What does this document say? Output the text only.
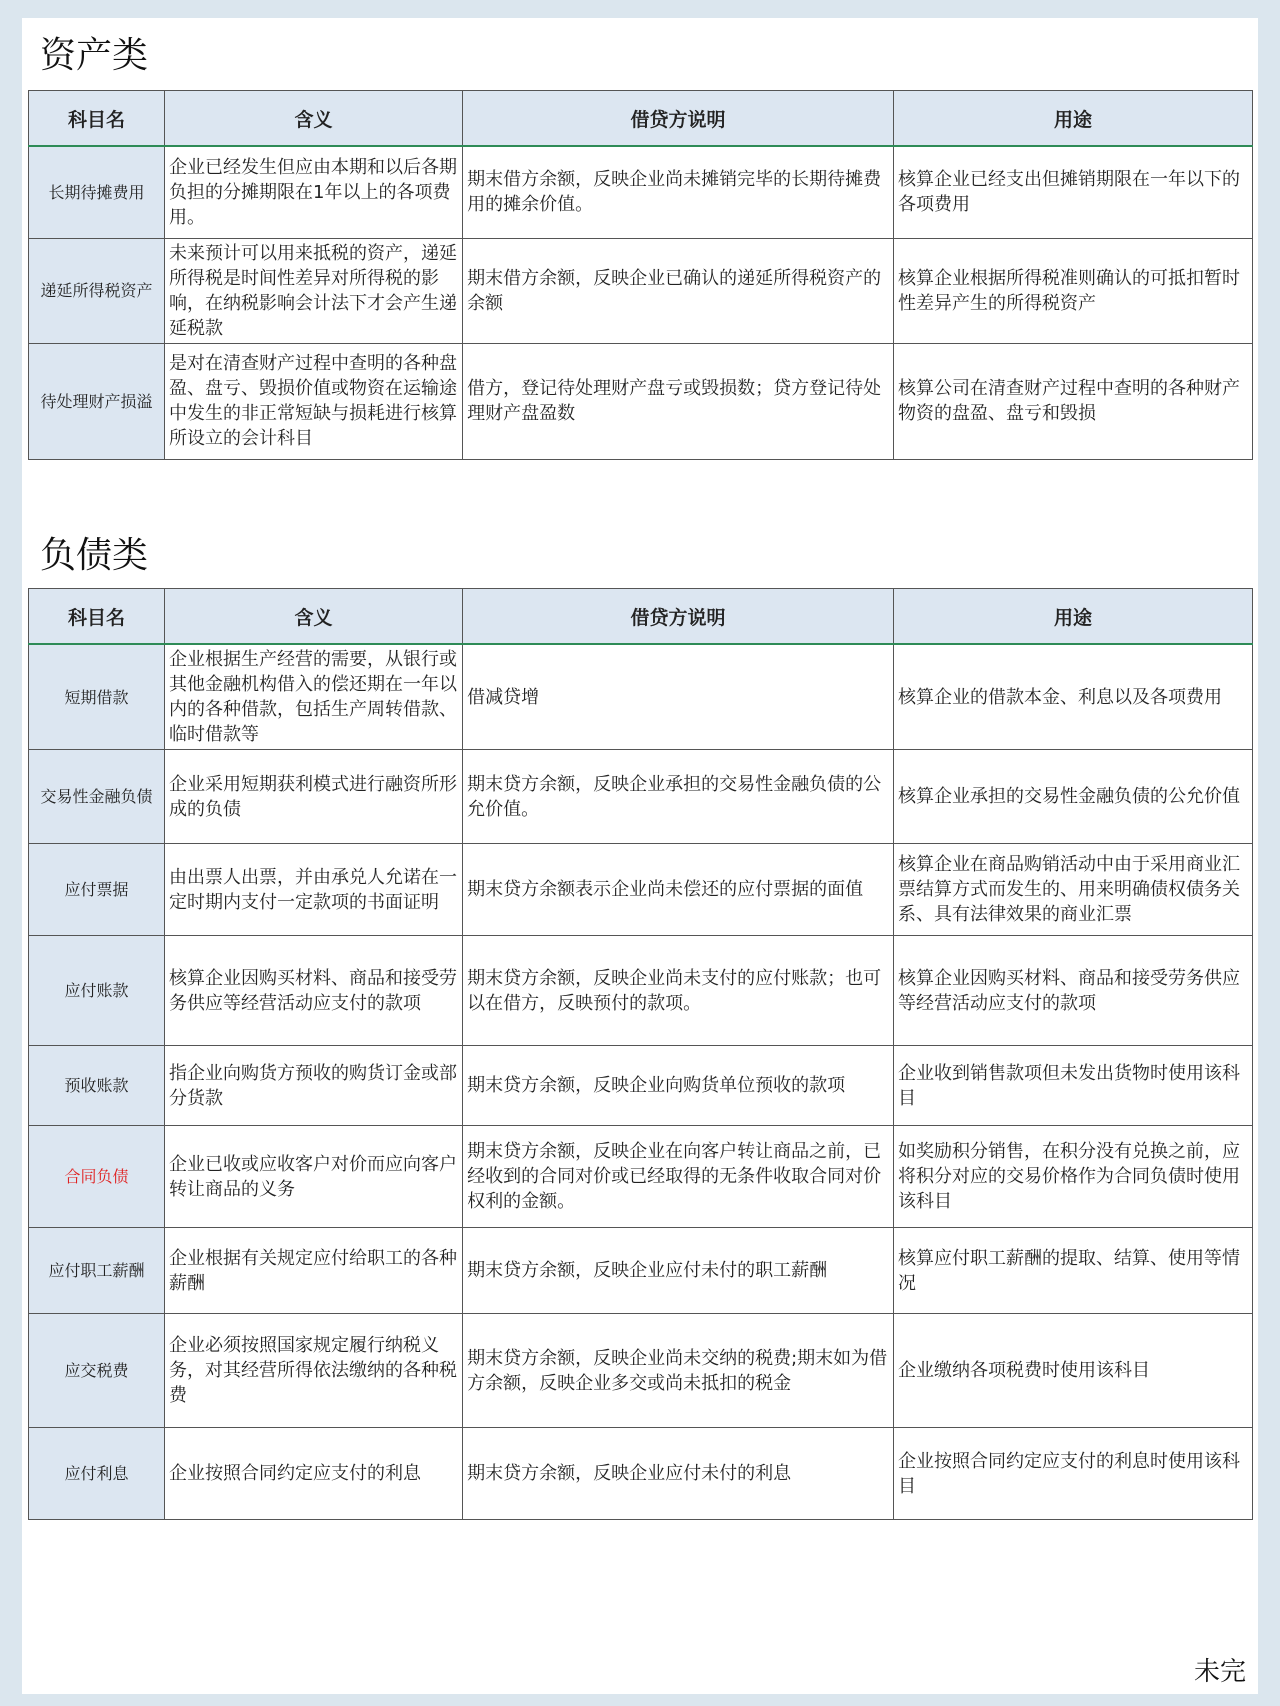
资产类
科目名	含义	借贷方说明	用途
长期待摊费用	企业已经发生但应由本期和以后各期负担的分摊期限在1年以上的各项费用。	期末借方余额，反映企业尚未摊销完毕的长期待摊费用的摊余价值。	核算企业已经支出但摊销期限在一年以下的各项费用
递延所得税资产	未来预计可以用来抵税的资产，递延所得税是时间性差异对所得税的影响，在纳税影响会计法下才会产生递延税款	期末借方余额，反映企业已确认的递延所得税资产的余额	核算企业根据所得税准则确认的可抵扣暂时性差异产生的所得税资产
待处理财产损溢	是对在清查财产过程中查明的各种盘盈、盘亏、毁损价值或物资在运输途中发生的非正常短缺与损耗进行核算所设立的会计科目	借方，登记待处理财产盘亏或毁损数；贷方登记待处理财产盘盈数	核算公司在清查财产过程中查明的各种财产物资的盘盈、盘亏和毁损
负债类
科目名	含义	借贷方说明	用途
短期借款	企业根据生产经营的需要，从银行或其他金融机构借入的偿还期在一年以内的各种借款，包括生产周转借款、临时借款等	借减贷增	核算企业的借款本金、利息以及各项费用
交易性金融负债	企业采用短期获利模式进行融资所形成的负债	期末贷方余额，反映企业承担的交易性金融负债的公允价值。	核算企业承担的交易性金融负债的公允价值
应付票据	由出票人出票，并由承兑人允诺在一定时期内支付一定款项的书面证明	期末贷方余额表示企业尚未偿还的应付票据的面值	核算企业在商品购销活动中由于采用商业汇票结算方式而发生的、用来明确债权债务关系、具有法律效果的商业汇票
应付账款	核算企业因购买材料、商品和接受劳务供应等经营活动应支付的款项	期末贷方余额，反映企业尚未支付的应付账款；也可以在借方，反映预付的款项。	核算企业因购买材料、商品和接受劳务供应等经营活动应支付的款项
预收账款	指企业向购货方预收的购货订金或部分货款	期末贷方余额，反映企业向购货单位预收的款项	企业收到销售款项但未发出货物时使用该科目
合同负债	企业已收或应收客户对价而应向客户转让商品的义务	期末贷方余额，反映企业在向客户转让商品之前，已经收到的合同对价或已经取得的无条件收取合同对价权利的金额。	如奖励积分销售，在积分没有兑换之前，应将积分对应的交易价格作为合同负债时使用该科目
应付职工薪酬	企业根据有关规定应付给职工的各种薪酬	期末贷方余额，反映企业应付未付的职工薪酬	核算应付职工薪酬的提取、结算、使用等情况
应交税费	企业必须按照国家规定履行纳税义务，对其经营所得依法缴纳的各种税费	期末贷方余额，反映企业尚未交纳的税费;期末如为借方余额，反映企业多交或尚未抵扣的税金	企业缴纳各项税费时使用该科目
应付利息	企业按照合同约定应支付的利息	期末贷方余额，反映企业应付未付的利息	企业按照合同约定应支付的利息时使用该科目
未完
